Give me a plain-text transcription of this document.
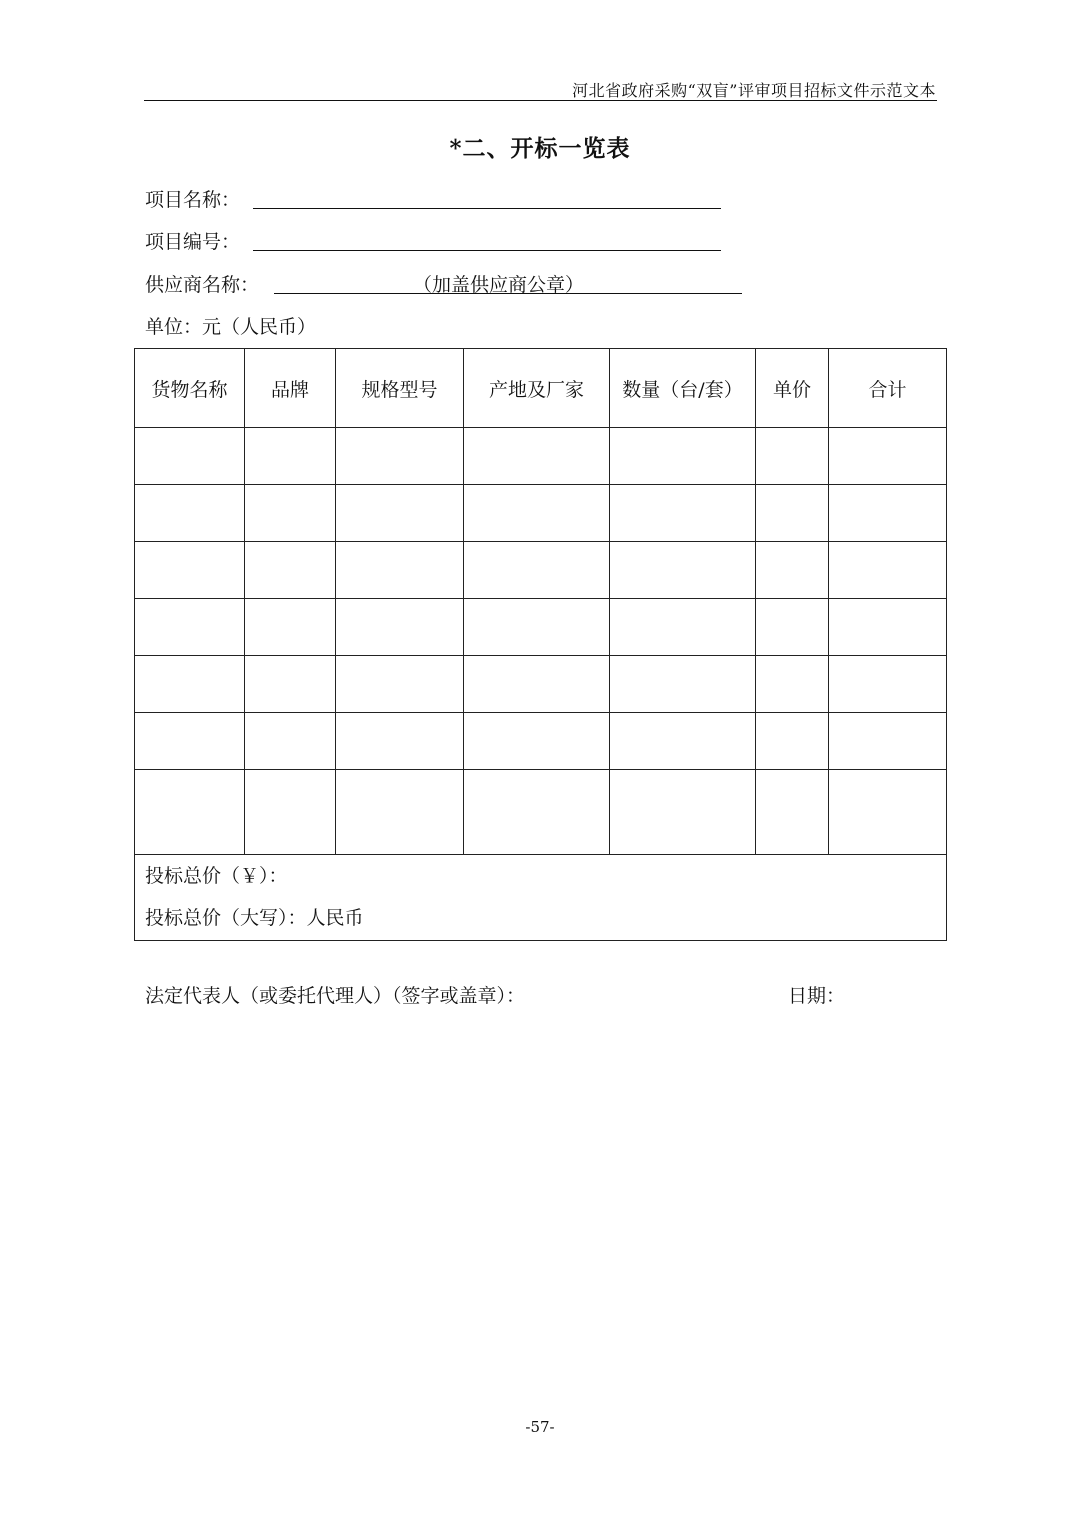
河北省政府采购“双盲”评审项目招标文件示范文本
*二、开标一览表
项目名称：
项目编号：
供应商名称：	（加盖供应商公章）
单位：元（人民币）
货物名称	品牌	规格型号	产地及厂家	数量（台/套）	单价	合计

投标总价（￥）：
投标总价（大写）：人民币						
法定代表人（或委托代理人）（签字或盖章）：	日期：
-57-
